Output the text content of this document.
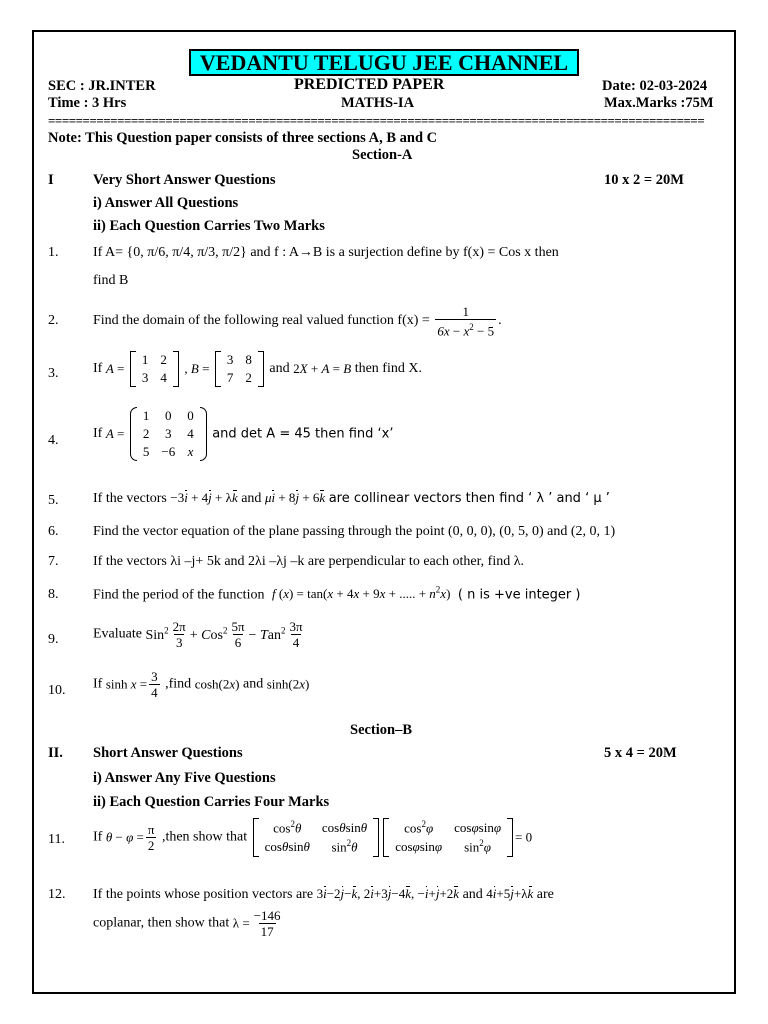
VEDANTU TELUGU JEE CHANNEL
SEC : JR.INTER	PREDICTED PAPER	Date: 02-03-2024
Time : 3 Hrs	MATHS-IA	Max.Marks :75M
===============================================================================================
Note: This Question paper consists of three sections A, B and C
Section-A
I	Very Short Answer Questions	10 x 2 = 20M
i) Answer All Questions
ii) Each Question Carries Two Marks
1. If A= {0, π/6, π/4, π/3, π/2} and f : A→B is a surjection define by f(x) = Cos x then
find B
2. Find the domain of the following real valued function $f(x) = \frac{1}{6x - x^2 - 5}$ .
3. If A =
1	2
3	4
, B =
3	8
7	2
and 2X + A = B then find X.
4. If A =
1	0	0
2	3	4
5	−6	x
and det A = 45 then find ‘x’
5. If the vectors −3i + 4j + λk and μi + 8j + 6k are collinear vectors then find ‘ λ ’ and ‘ μ ’
6. Find the vector equation of the plane passing through the point (0, 0, 0), (0, 5, 0) and (2, 0, 1)
7. If the vectors λi –j+ 5k and 2λi –λj –k are perpendicular to each other, find λ.
8. Find the period of the function f (x) = tan(x + 4x + 9x + ..... + $n^2x$) ( n is +ve integer )
9. Evaluate $Sin^2 \frac{2\pi}{3} + Cos^2 \frac{5\pi}{6} - Tan^2 \frac{3\pi}{4}$
10. If $\sinh x = \frac{3}{4}$ ,find cosh(2x) and sinh(2x)
Section–B
II. Short Answer Questions	5 x 4 = 20M
i) Answer Any Five Questions
ii) Each Question Carries Four Marks
11. If $\theta - \varphi = \frac{\pi}{2}$ ,then show that
$\cos^2\theta$	cosθsinθ
cosθsinθ	$\sin^2\theta$
$\cos^2\varphi$	cosφsinφ
cosφsinφ	$\sin^2\varphi$
= 0
12. If the points whose position vectors are 3i−2j−k, 2i+3j−4k, −i+j+2k and 4i+5j+λk are
coplanar, then show that $\lambda = \frac{-146}{17}$
